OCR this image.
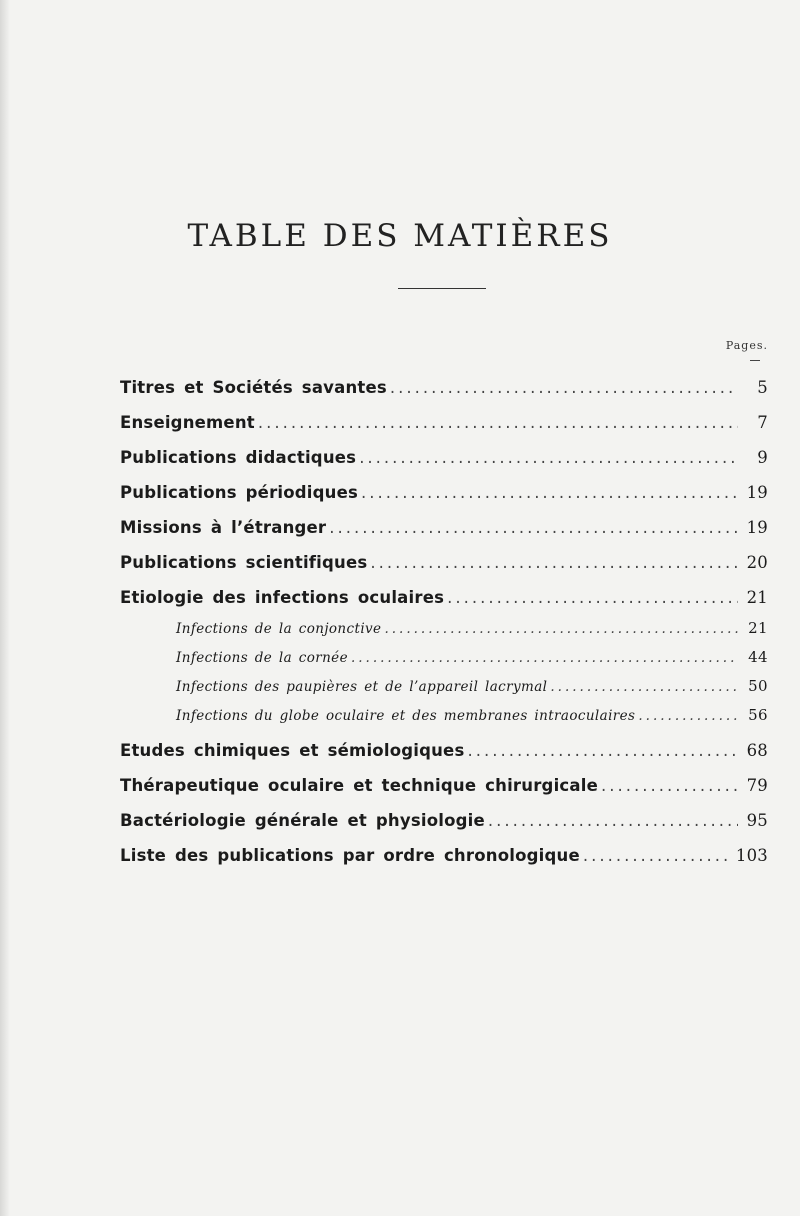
TABLE DES MATIÈRES
Pages.
Titres et Sociétés savantes .....	5
Enseignement .....	7
Publications didactiques .....	9
Publications périodiques .....	19
Missions à l’étranger .....	19
Publications scientifiques .....	20
Etiologie des infections oculaires .....	21
Infections de la conjonctive .....	21
Infections de la cornée .....	44
Infections des paupières et de l’appareil lacrymal .....	50
Infections du globe oculaire et des membranes intraoculaires .....	56
Etudes chimiques et sémiologiques .....	68
Thérapeutique oculaire et technique chirurgicale .....	79
Bactériologie générale et physiologie .....	95
Liste des publications par ordre chronologique .....	103
